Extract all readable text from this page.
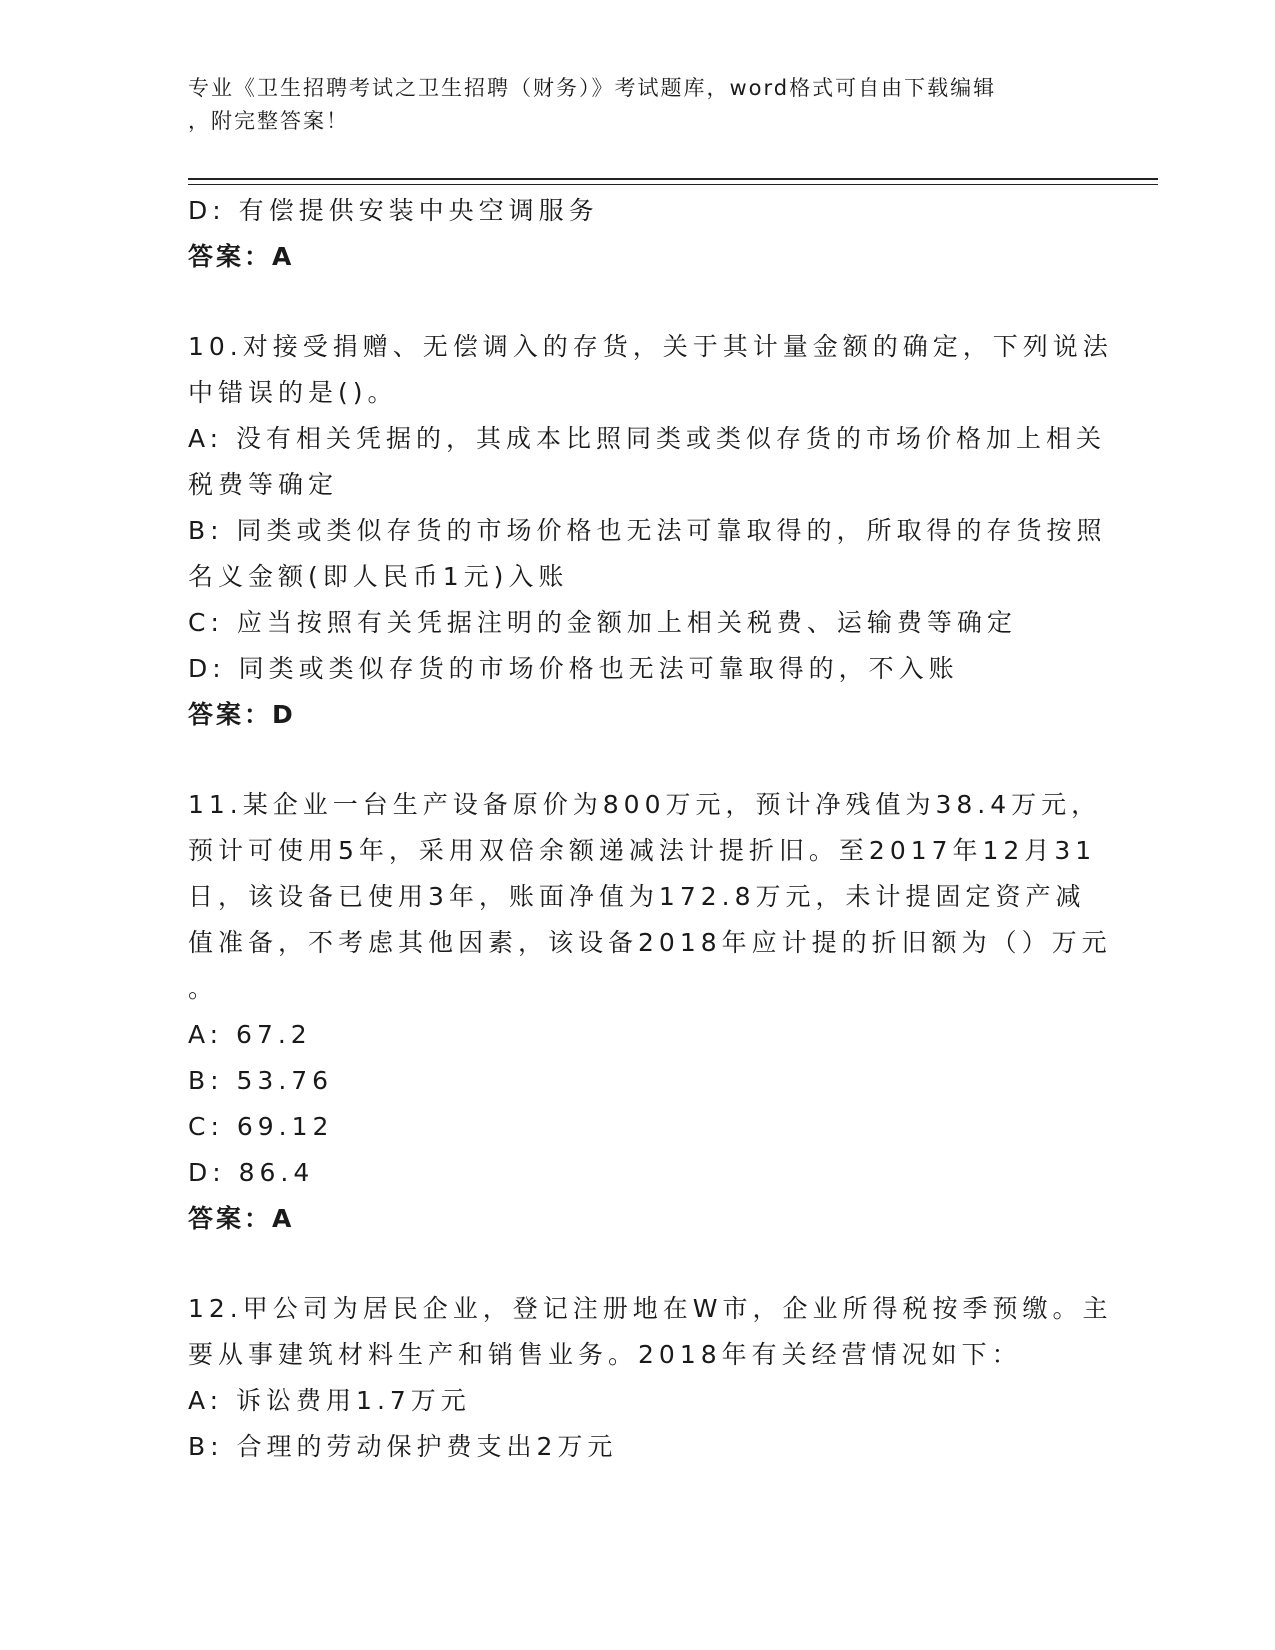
专业《卫生招聘考试之卫生招聘（财务）》考试题库，word格式可自由下载编辑
，附完整答案！
D: 有偿提供安装中央空调服务
答案：A
10.对接受捐赠、无偿调入的存货，关于其计量金额的确定，下列说法
中错误的是()。
A: 没有相关凭据的，其成本比照同类或类似存货的市场价格加上相关
税费等确定
B: 同类或类似存货的市场价格也无法可靠取得的，所取得的存货按照
名义金额(即人民币1元)入账
C: 应当按照有关凭据注明的金额加上相关税费、运输费等确定
D: 同类或类似存货的市场价格也无法可靠取得的，不入账
答案：D
11.某企业一台生产设备原价为800万元，预计净残值为38.4万元，
预计可使用5年，采用双倍余额递减法计提折旧。至2017年12月31
日，该设备已使用3年，账面净值为172.8万元，未计提固定资产减
值准备，不考虑其他因素，该设备2018年应计提的折旧额为（）万元
。
A: 67.2
B: 53.76
C: 69.12
D: 86.4
答案：A
12.甲公司为居民企业，登记注册地在W市，企业所得税按季预缴。主
要从事建筑材料生产和销售业务。2018年有关经营情况如下：
A: 诉讼费用1.7万元
B: 合理的劳动保护费支出2万元
